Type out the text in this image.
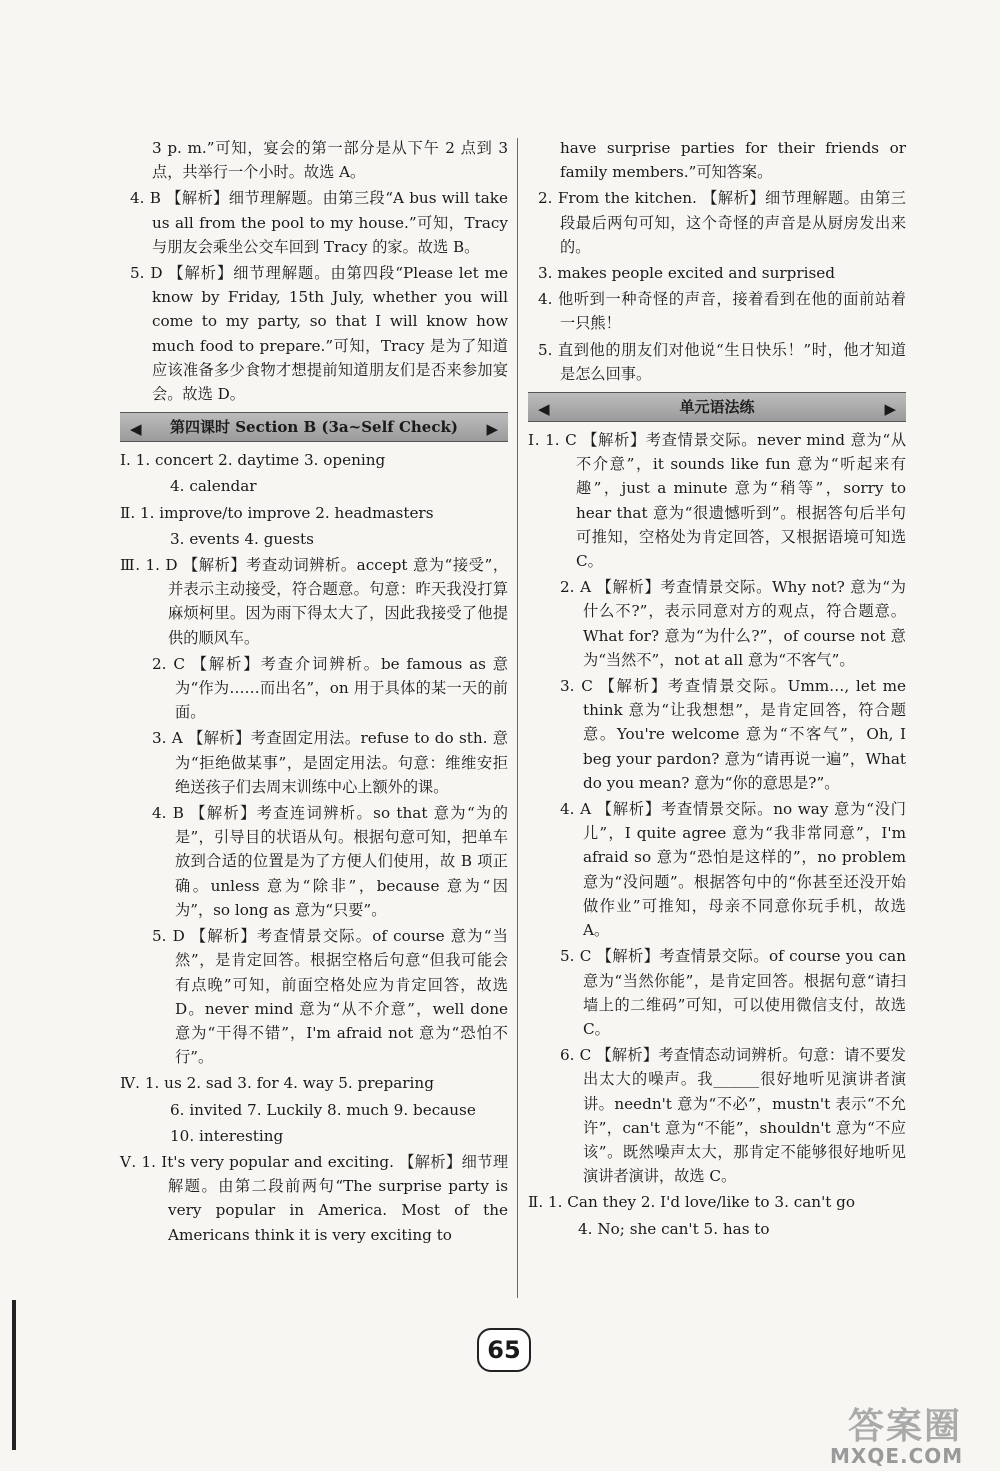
3 p. m.”可知，宴会的第一部分是从下午 2 点到 3 点，共举行一个小时。故选 A。

4. B 【解析】细节理解题。由第三段“A bus will take us all from the pool to my house.”可知，Tracy 与朋友会乘坐公交车回到 Tracy 的家。故选 B。

5. D 【解析】细节理解题。由第四段“Please let me know by Friday, 15th July, whether you will come to my party, so that I will know how much food to prepare.”可知，Tracy 是为了知道应该准备多少食物才想提前知道朋友们是否来参加宴会。故选 D。

◀ 第四课时 Section B (3a~Self Check) ▶

Ⅰ. 1. concert 2. daytime 3. opening

4. calendar

Ⅱ. 1. improve/to improve 2. headmasters

3. events 4. guests

Ⅲ. 1. D 【解析】考查动词辨析。accept 意为“接受”，并表示主动接受，符合题意。句意：昨天我没打算麻烦柯里。因为雨下得太大了，因此我接受了他提供的顺风车。

2. C 【解析】考查介词辨析。be famous as 意为“作为……而出名”，on 用于具体的某一天的前面。

3. A 【解析】考查固定用法。refuse to do sth. 意为“拒绝做某事”，是固定用法。句意：维维安拒绝送孩子们去周末训练中心上额外的课。

4. B 【解析】考查连词辨析。so that 意为“为的是”，引导目的状语从句。根据句意可知，把单车放到合适的位置是为了方便人们使用，故 B 项正确。unless 意为“除非”，because 意为“因为”，so long as 意为“只要”。

5. D 【解析】考查情景交际。of course 意为“当然”，是肯定回答。根据空格后句意“但我可能会有点晚”可知，前面空格处应为肯定回答，故选 D。never mind 意为“从不介意”，well done 意为“干得不错”，I'm afraid not 意为“恐怕不行”。

Ⅳ. 1. us 2. sad 3. for 4. way 5. preparing

6. invited 7. Luckily 8. much 9. because

10. interesting

Ⅴ. 1. It's very popular and exciting. 【解析】细节理解题。由第二段前两句“The surprise party is very popular in America. Most of the Americans think it is very exciting to

have surprise parties for their friends or family members.”可知答案。

2. From the kitchen. 【解析】细节理解题。由第三段最后两句可知，这个奇怪的声音是从厨房发出来的。

3. makes people excited and surprised

4. 他听到一种奇怪的声音，接着看到在他的面前站着一只熊！

5. 直到他的朋友们对他说“生日快乐！”时，他才知道是怎么回事。

◀	单元语法练	▶

Ⅰ. 1. C 【解析】考查情景交际。never mind 意为“从不介意”，it sounds like fun 意为“听起来有趣”，just a minute 意为“稍等”，sorry to hear that 意为“很遗憾听到”。根据答句后半句可推知，空格处为肯定回答，又根据语境可知选 C。

2. A 【解析】考查情景交际。Why not? 意为“为什么不?”，表示同意对方的观点，符合题意。What for? 意为“为什么?”，of course not 意为“当然不”，not at all 意为“不客气”。

3. C 【解析】考查情景交际。Umm…, let me think 意为“让我想想”，是肯定回答，符合题意。You're welcome 意为“不客气”，Oh, I beg your pardon? 意为“请再说一遍”，What do you mean? 意为“你的意思是?”。

4. A 【解析】考查情景交际。no way 意为“没门儿”，I quite agree 意为“我非常同意”，I'm afraid so 意为“恐怕是这样的”，no problem 意为“没问题”。根据答句中的“你甚至还没开始做作业”可推知，母亲不同意你玩手机，故选 A。

5. C 【解析】考查情景交际。of course you can 意为“当然你能”，是肯定回答。根据句意“请扫墙上的二维码”可知，可以使用微信支付，故选 C。

6. C 【解析】考查情态动词辨析。句意：请不要发出太大的噪声。我______很好地听见演讲者演讲。needn't 意为“不必”，mustn't 表示“不允许”，can't 意为“不能”，shouldn't 意为“不应该”。既然噪声太大，那肯定不能够很好地听见演讲者演讲，故选 C。

Ⅱ. 1. Can they 2. I'd love/like to 3. can't go

4. No; she can't 5. has to

65
答案圈
MXQE.COM
